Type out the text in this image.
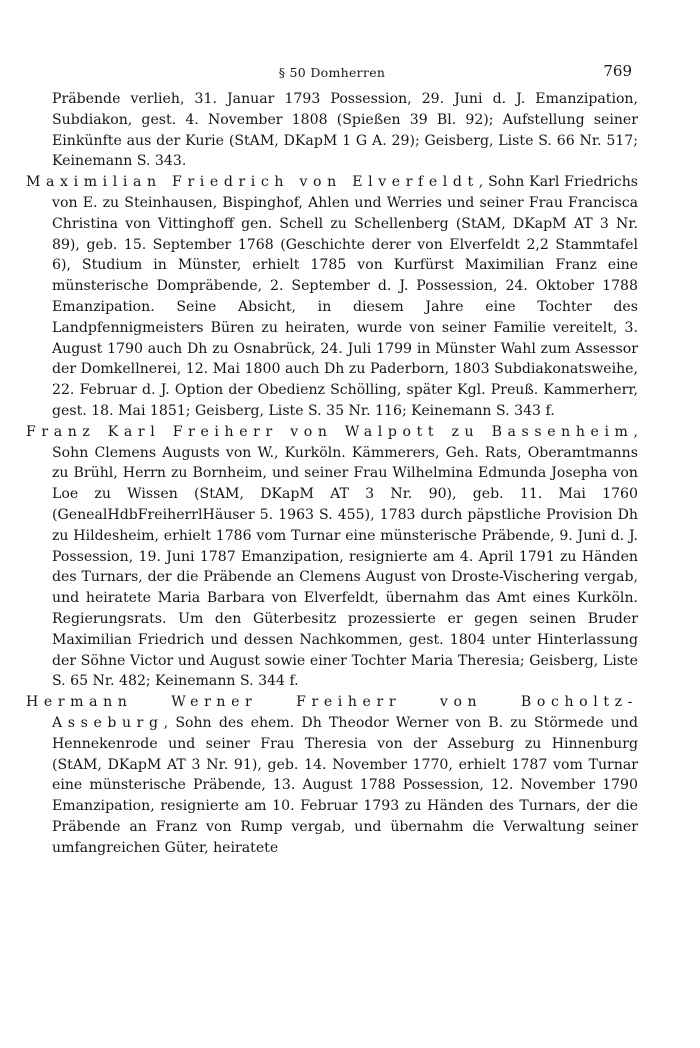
§ 50 Domherren	769

Präbende verlieh, 31. Januar 1793 Possession, 29. Juni d. J. Emanzipation, Subdiakon, gest. 4. November 1808 (Spießen 39 Bl. 92); Aufstellung seiner Einkünfte aus der Kurie (StAM, DKapM 1 G A. 29); Geisberg, Liste S. 66 Nr. 517; Keinemann S. 343.

Maximilian Friedrich von Elverfeldt, Sohn Karl Friedrichs von E. zu Steinhausen, Bispinghof, Ahlen und Werries und seiner Frau Francisca Christina von Vittinghoff gen. Schell zu Schellenberg (StAM, DKapM AT 3 Nr. 89), geb. 15. September 1768 (Geschichte derer von Elverfeldt 2,2 Stammtafel 6), Studium in Münster, erhielt 1785 von Kurfürst Maximilian Franz eine münsterische Dompräbende, 2. September d. J. Possession, 24. Oktober 1788 Emanzipation. Seine Absicht, in diesem Jahre eine Tochter des Landpfennigmeisters Büren zu heiraten, wurde von seiner Familie vereitelt, 3. August 1790 auch Dh zu Osnabrück, 24. Juli 1799 in Münster Wahl zum Assessor der Domkellnerei, 12. Mai 1800 auch Dh zu Paderborn, 1803 Subdiakonatsweihe, 22. Februar d. J. Option der Obedienz Schölling, später Kgl. Preuß. Kammerherr, gest. 18. Mai 1851; Geisberg, Liste S. 35 Nr. 116; Keinemann S. 343 f.

Franz Karl Freiherr von Walpott zu Bassenheim, Sohn Clemens Augusts von W., Kurköln. Kämmerers, Geh. Rats, Oberamtmanns zu Brühl, Herrn zu Bornheim, und seiner Frau Wilhelmina Edmunda Josepha von Loe zu Wissen (StAM, DKapM AT 3 Nr. 90), geb. 11. Mai 1760 (GenealHdbFreiherrlHäuser 5. 1963 S. 455), 1783 durch päpstliche Provision Dh zu Hildesheim, erhielt 1786 vom Turnar eine münsterische Präbende, 9. Juni d. J. Possession, 19. Juni 1787 Emanzipation, resignierte am 4. April 1791 zu Händen des Turnars, der die Präbende an Clemens August von Droste-Vischering vergab, und heiratete Maria Barbara von Elverfeldt, übernahm das Amt eines Kurköln. Regierungsrats. Um den Güterbesitz prozessierte er gegen seinen Bruder Maximilian Friedrich und dessen Nachkommen, gest. 1804 unter Hinterlassung der Söhne Victor und August sowie einer Tochter Maria Theresia; Geisberg, Liste S. 65 Nr. 482; Keinemann S. 344 f.

Hermann Werner Freiherr von Bocholtz-Asseburg, Sohn des ehem. Dh Theodor Werner von B. zu Störmede und Hennekenrode und seiner Frau Theresia von der Asseburg zu Hinnenburg (StAM, DKapM AT 3 Nr. 91), geb. 14. November 1770, erhielt 1787 vom Turnar eine münsterische Präbende, 13. August 1788 Possession, 12. November 1790 Emanzipation, resignierte am 10. Februar 1793 zu Händen des Turnars, der die Präbende an Franz von Rump vergab, und übernahm die Verwaltung seiner umfangreichen Güter, heiratete
